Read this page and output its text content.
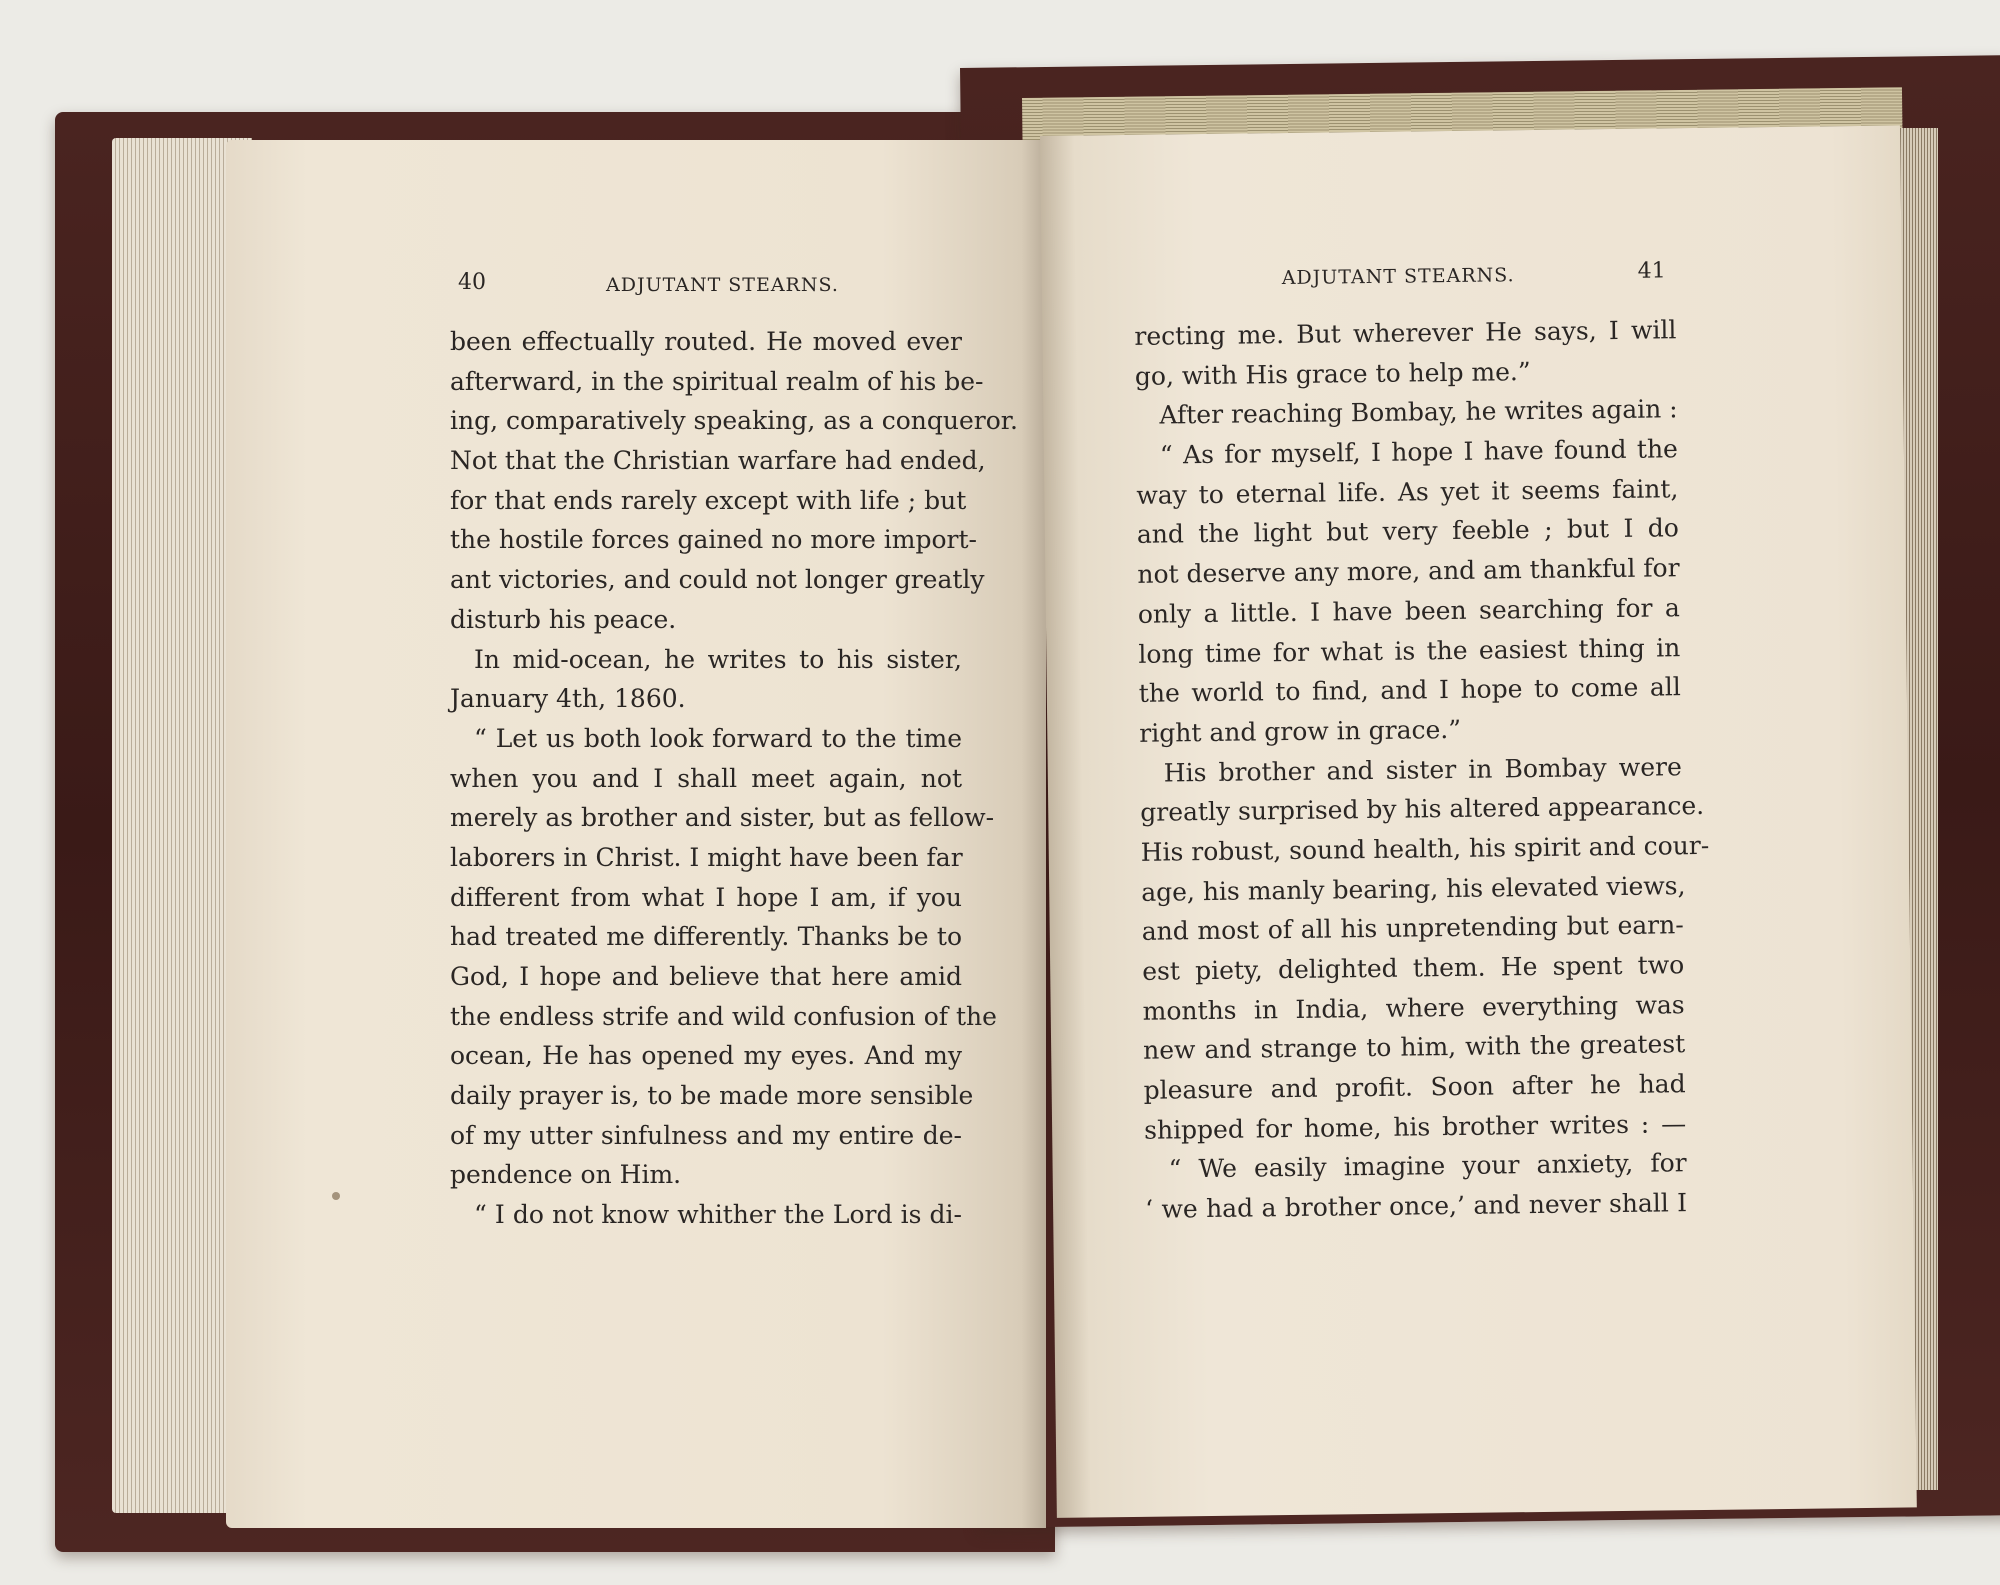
40	ADJUTANT STEARNS.
been effectually routed. He moved ever
afterward, in the spiritual realm of his be-
ing, comparatively speaking, as a conqueror.
Not that the Christian warfare had ended,
for that ends rarely except with life ; but
the hostile forces gained no more import-
ant victories, and could not longer greatly
disturb his peace.
In mid-ocean, he writes to his sister,
January 4th, 1860.
“ Let us both look forward to the time
when you and I shall meet again, not
merely as brother and sister, but as fellow-
laborers in Christ. I might have been far
different from what I hope I am, if you
had treated me differently. Thanks be to
God, I hope and believe that here amid
the endless strife and wild confusion of the
ocean, He has opened my eyes. And my
daily prayer is, to be made more sensible
of my utter sinfulness and my entire de-
pendence on Him.
“ I do not know whither the Lord is di-
ADJUTANT STEARNS.	41
recting me. But wherever He says, I will
go, with His grace to help me.”
After reaching Bombay, he writes again :
“ As for myself, I hope I have found the
way to eternal life. As yet it seems faint,
and the light but very feeble ; but I do
not deserve any more, and am thankful for
only a little. I have been searching for a
long time for what is the easiest thing in
the world to find, and I hope to come all
right and grow in grace.”
His brother and sister in Bombay were
greatly surprised by his altered appearance.
His robust, sound health, his spirit and cour-
age, his manly bearing, his elevated views,
and most of all his unpretending but earn-
est piety, delighted them. He spent two
months in India, where everything was
new and strange to him, with the greatest
pleasure and profit. Soon after he had
shipped for home, his brother writes : —
“ We easily imagine your anxiety, for
‘ we had a brother once,’ and never shall I
